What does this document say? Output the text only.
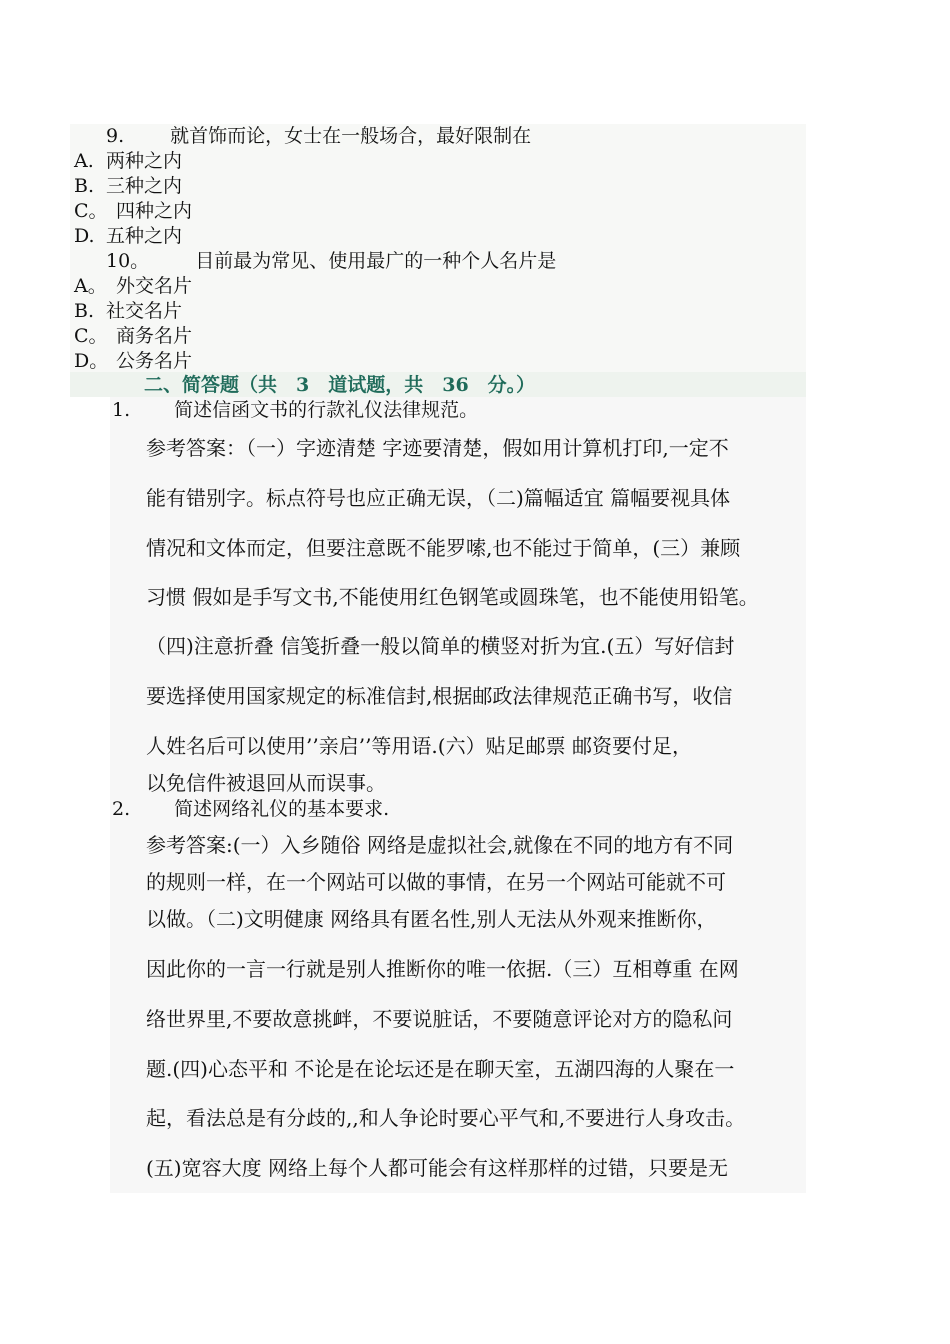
9. 就首饰而论，女士在一般场合，最好限制在
A. 两种之内
B. 三种之内
C。 四种之内
D. 五种之内
10。 目前最为常见、使用最广的一种个人名片是
A。 外交名片
B. 社交名片
C。 商务名片
D。 公务名片
二、简答题（共　3　道试题，共　36　分。）
1. 简述信函文书的行款礼仪法律规范。
参考答案：（一）字迹清楚 字迹要清楚，假如用计算机打印,一定不
能有错别字。标点符号也应正确无误，（二)篇幅适宜 篇幅要视具体
情况和文体而定，但要注意既不能罗嗦,也不能过于简单，(三）兼顾
习惯 假如是手写文书,不能使用红色钢笔或圆珠笔，也不能使用铅笔。
（四)注意折叠 信笺折叠一般以简单的横竖对折为宜.(五）写好信封
要选择使用国家规定的标准信封,根据邮政法律规范正确书写，收信
人姓名后可以使用’’亲启’’等用语.(六）贴足邮票 邮资要付足，
以免信件被退回从而误事。
2. 简述网络礼仪的基本要求.
参考答案:(一）入乡随俗 网络是虚拟社会,就像在不同的地方有不同
的规则一样，在一个网站可以做的事情，在另一个网站可能就不可
以做。（二)文明健康 网络具有匿名性,别人无法从外观来推断你，
因此你的一言一行就是别人推断你的唯一依据.（三）互相尊重 在网
络世界里,不要故意挑衅，不要说脏话，不要随意评论对方的隐私问
题.(四)心态平和 不论是在论坛还是在聊天室，五湖四海的人聚在一
起，看法总是有分歧的,,和人争论时要心平气和,不要进行人身攻击。
(五)宽容大度 网络上每个人都可能会有这样那样的过错，只要是无
